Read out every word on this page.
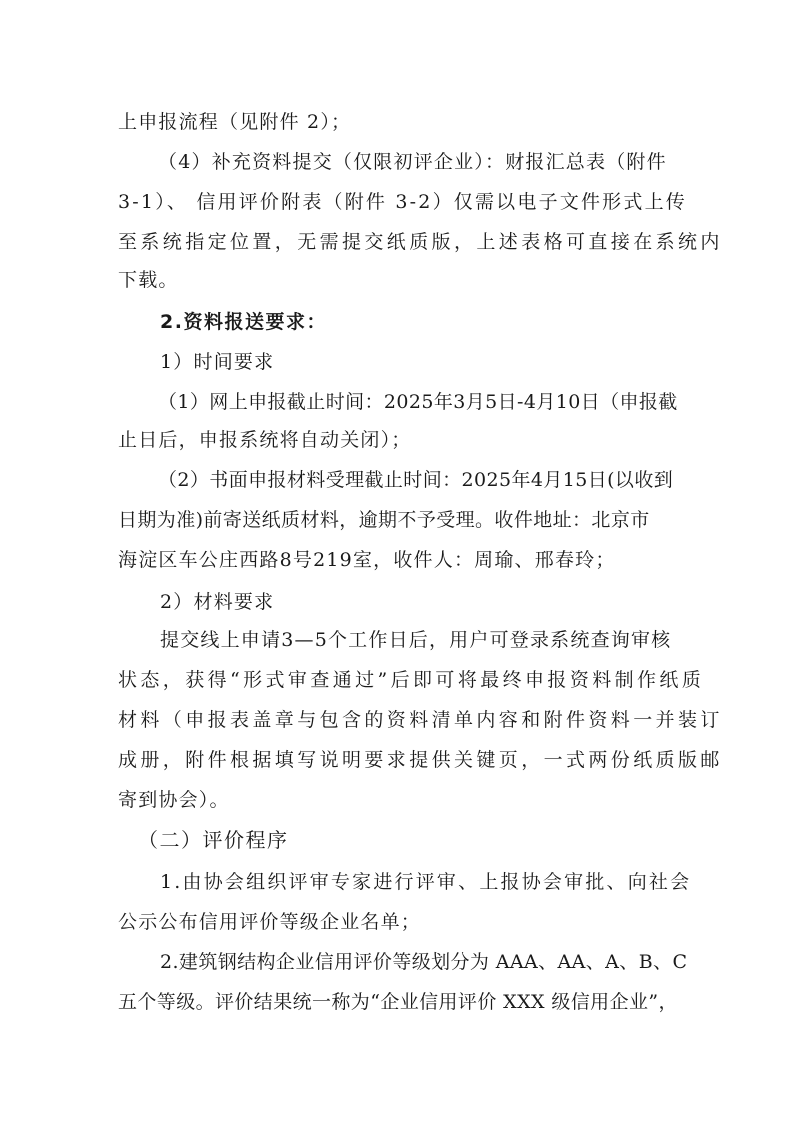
上申报流程（见附件 2）；
（4）补充资料提交（仅限初评企业）：财报汇总表（附件
3-1）、 信用评价附表（附件 3-2）仅需以电子文件形式上传
至系统指定位置，无需提交纸质版，上述表格可直接在系统内
下载。
2.资料报送要求：
1）时间要求
（1）网上申报截止时间：2025年3月5日-4月10日（申报截
止日后，申报系统将自动关闭）；
（2）书面申报材料受理截止时间：2025年4月15日(以收到
日期为准)前寄送纸质材料，逾期不予受理。收件地址：北京市
海淀区车公庄西路8号219室，收件人：周瑜、邢春玲；
2）材料要求
提交线上申请3—5个工作日后，用户可登录系统查询审核
状态，获得“形式审查通过”后即可将最终申报资料制作纸质
材料（申报表盖章与包含的资料清单内容和附件资料一并装订
成册，附件根据填写说明要求提供关键页，一式两份纸质版邮
寄到协会）。
（二）评价程序
1.由协会组织评审专家进行评审、上报协会审批、向社会
公示公布信用评价等级企业名单；
2.建筑钢结构企业信用评价等级划分为 AAA、AA、A、B、C
五个等级。评价结果统一称为“企业信用评价 XXX 级信用企业”，
